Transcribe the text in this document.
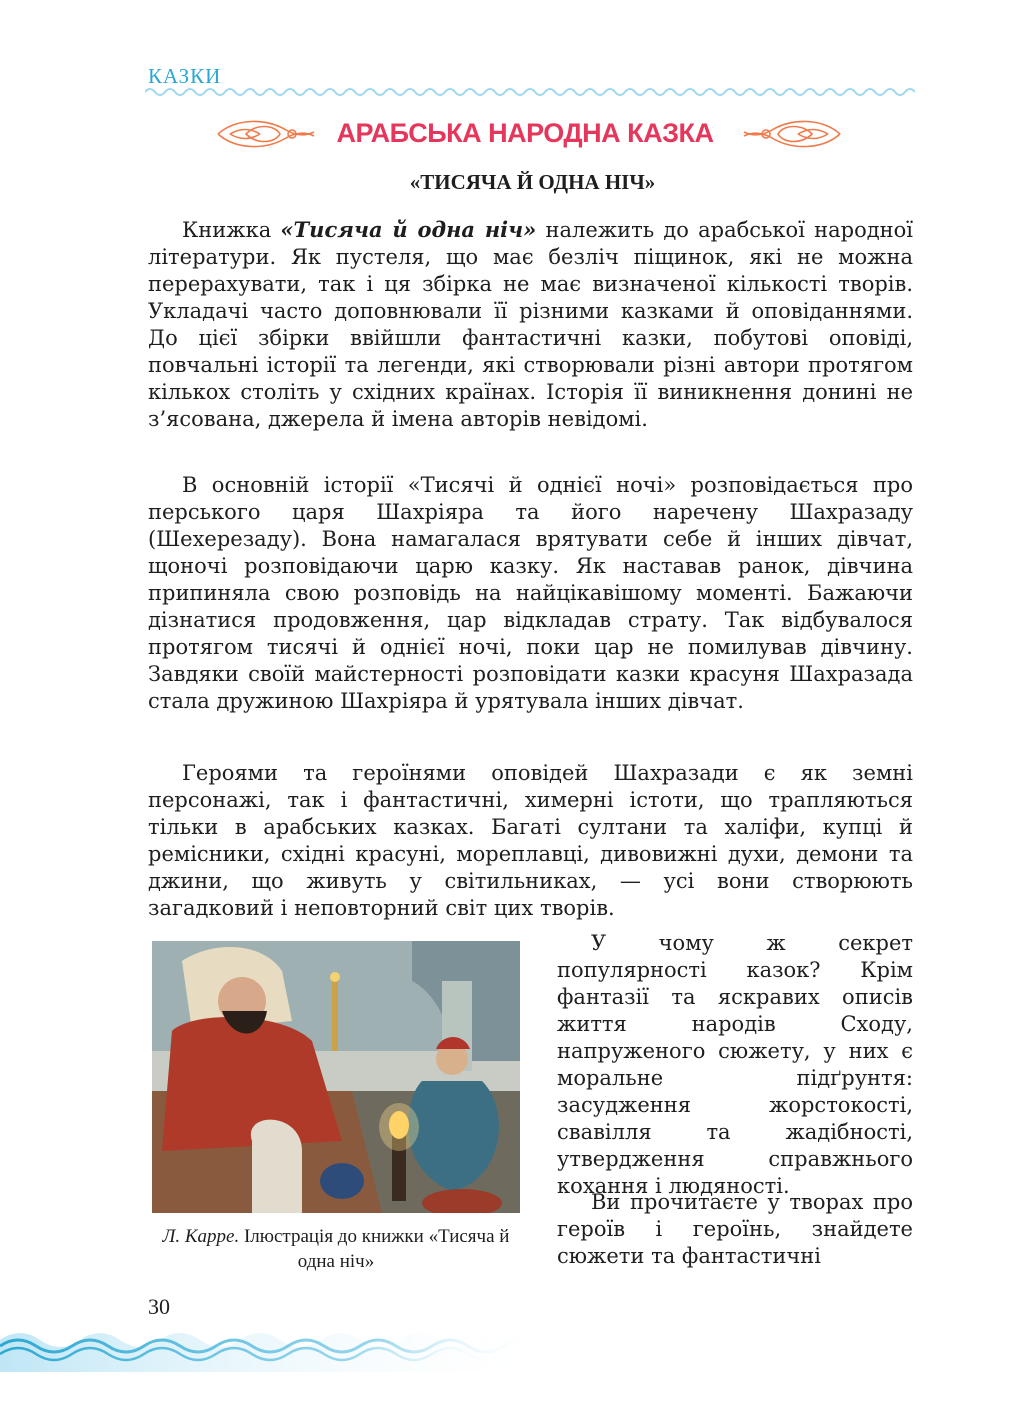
КАЗКИ
АРАБСЬКА НАРОДНА КАЗКА
«ТИСЯЧА Й ОДНА НІЧ»

Книжка «Тисяча й одна ніч» належить до арабської народної літератури. Як пустеля, що має безліч піщинок, які не можна перерахувати, так і ця збірка не має визначеної кількості творів. Укладачі часто доповнювали її різними казками й оповіданнями. До цієї збірки ввійшли фантастичні казки, побутові оповіді, повчальні історії та легенди, які створювали різні автори протягом кількох століть у східних країнах. Історія її виникнення донині не з’ясована, джерела й імена авторів невідомі.

В основній історії «Тисячі й однієї ночі» розповідається про перського царя Шахріяра та його наречену Шахразаду (Шехерезаду). Вона намагалася врятувати себе й інших дівчат, щоночі розповідаючи царю казку. Як наставав ранок, дівчина припиняла свою розповідь на найцікавішому моменті. Бажаючи дізнатися продовження, цар відкладав страту. Так відбувалося протягом тисячі й однієї ночі, поки цар не помилував дівчину. Завдяки своїй майстерності розповідати казки красуня Шахразада стала дружиною Шахріяра й урятувала інших дівчат.

Героями та героїнями оповідей Шахразади є як земні персонажі, так і фантастичні, химерні істоти, що трапляються тільки в арабських казках. Багаті султани та халіфи, купці й ремісники, східні красуні, мореплавці, дивовижні духи, демони та джини, що живуть у світильниках, — усі вони створюють загадковий і неповторний світ цих творів.

Л. Карре. Ілюстрація до книжки «Тисяча й одна ніч»

У чому ж секрет популярності казок? Крім фантазії та яскравих описів життя народів Сходу, напруженого сюжету, у них є моральне підґрунтя: засудження жорстокості, свавілля та жадібності, утвердження справжнього кохання і людяності.

Ви прочитаєте у творах про героїв і героїнь, знайдете сюжети та фантастичні

30
